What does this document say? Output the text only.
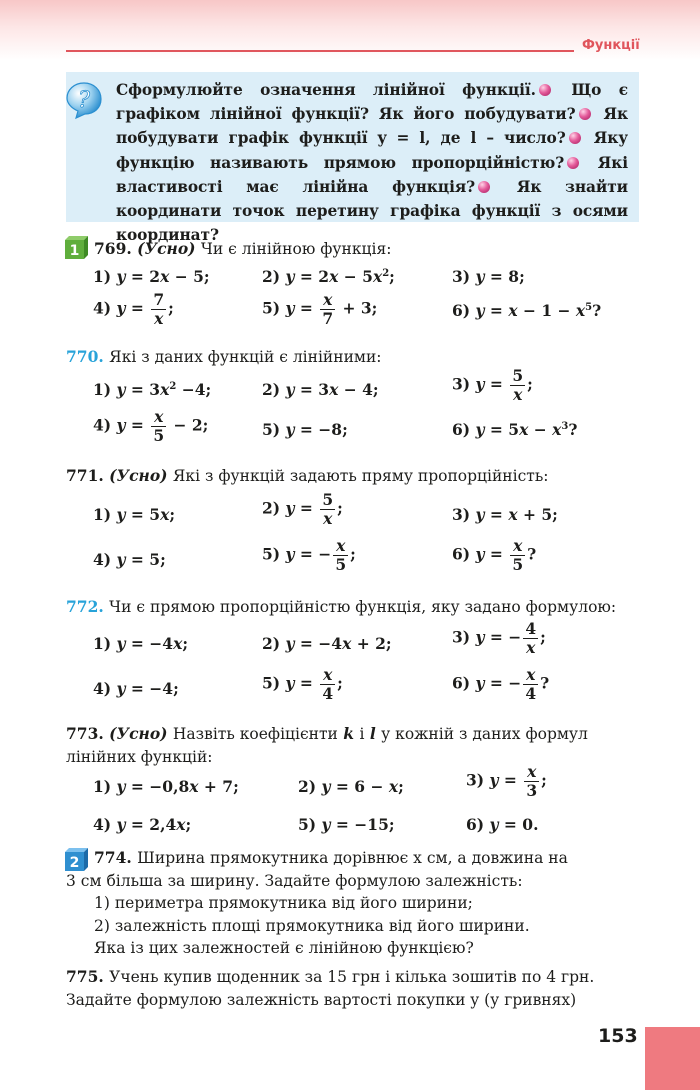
Функції
? Сформулюйте означення лінійної функції. Що є графіком лінійної функції? Як його побудувати? Як побудувати графік функції y = l, де l – число? Яку функцію називають прямою пропорційністю? Які властивості має лінійна функція?	Як знайти координати точок перетину графіка функції з осями координат?
1 769. (Усно) Чи є лінійною функція:
1) y = 2x − 5;	2) $y = 2x - 5x^2$;	3) y = 8;
4) $y = \frac{7}{x}$ ;	5) $y = \frac{x}{7} + 3$;	6) $y = x - 1 - x^5$?
770. Які з даних функцій є лінійними:
1) $y = 3x^2 -4$;	2) y = 3x − 4;	3) $y = \frac{5}{x}$ ;
4) $y = \frac{x}{5} - 2$;	5) y = −8;	6) $y = 5x - x^3$?
771. (Усно) Які з функцій задають пряму пропорційність:
1) y = 5x;	2) $y = \frac{5}{x}$ ;	3) y = x + 5;
4) y = 5;	5) y = − $\frac{x}{5}$ ;	6) $y = \frac{x}{5}$ ?
772. Чи є прямою пропорційністю функція, яку задано формулою:
1) y = −4x;	2) y = −4x + 2;	3) y = − $\frac{4}{x}$ ;
4) y = −4;	5) $y = \frac{x}{4}$ ;	6) y = − $\frac{x}{4}$ ?
773. (Усно) Назвіть коефіцієнти k і l у кожній з даних формул
лінійних функцій:
1) y = −0,8x + 7;	2) y = 6 − x;	3) $y = \frac{x}{3}$ ;
4) y = 2,4x;	5) y = −15;	6) y = 0.
2 774. Ширина прямокутника дорівнює x см, а довжина на
3 см більша за ширину. Задайте формулою залежність:
1) периметра прямокутника від його ширини;
2) залежність площі прямокутника від його ширини.
Яка із цих залежностей є лінійною функцією?
775. Учень купив щоденник за 15 грн і кілька зошитів по 4 грн.
Задайте формулою залежність вартості покупки y (у гривнях)
153
